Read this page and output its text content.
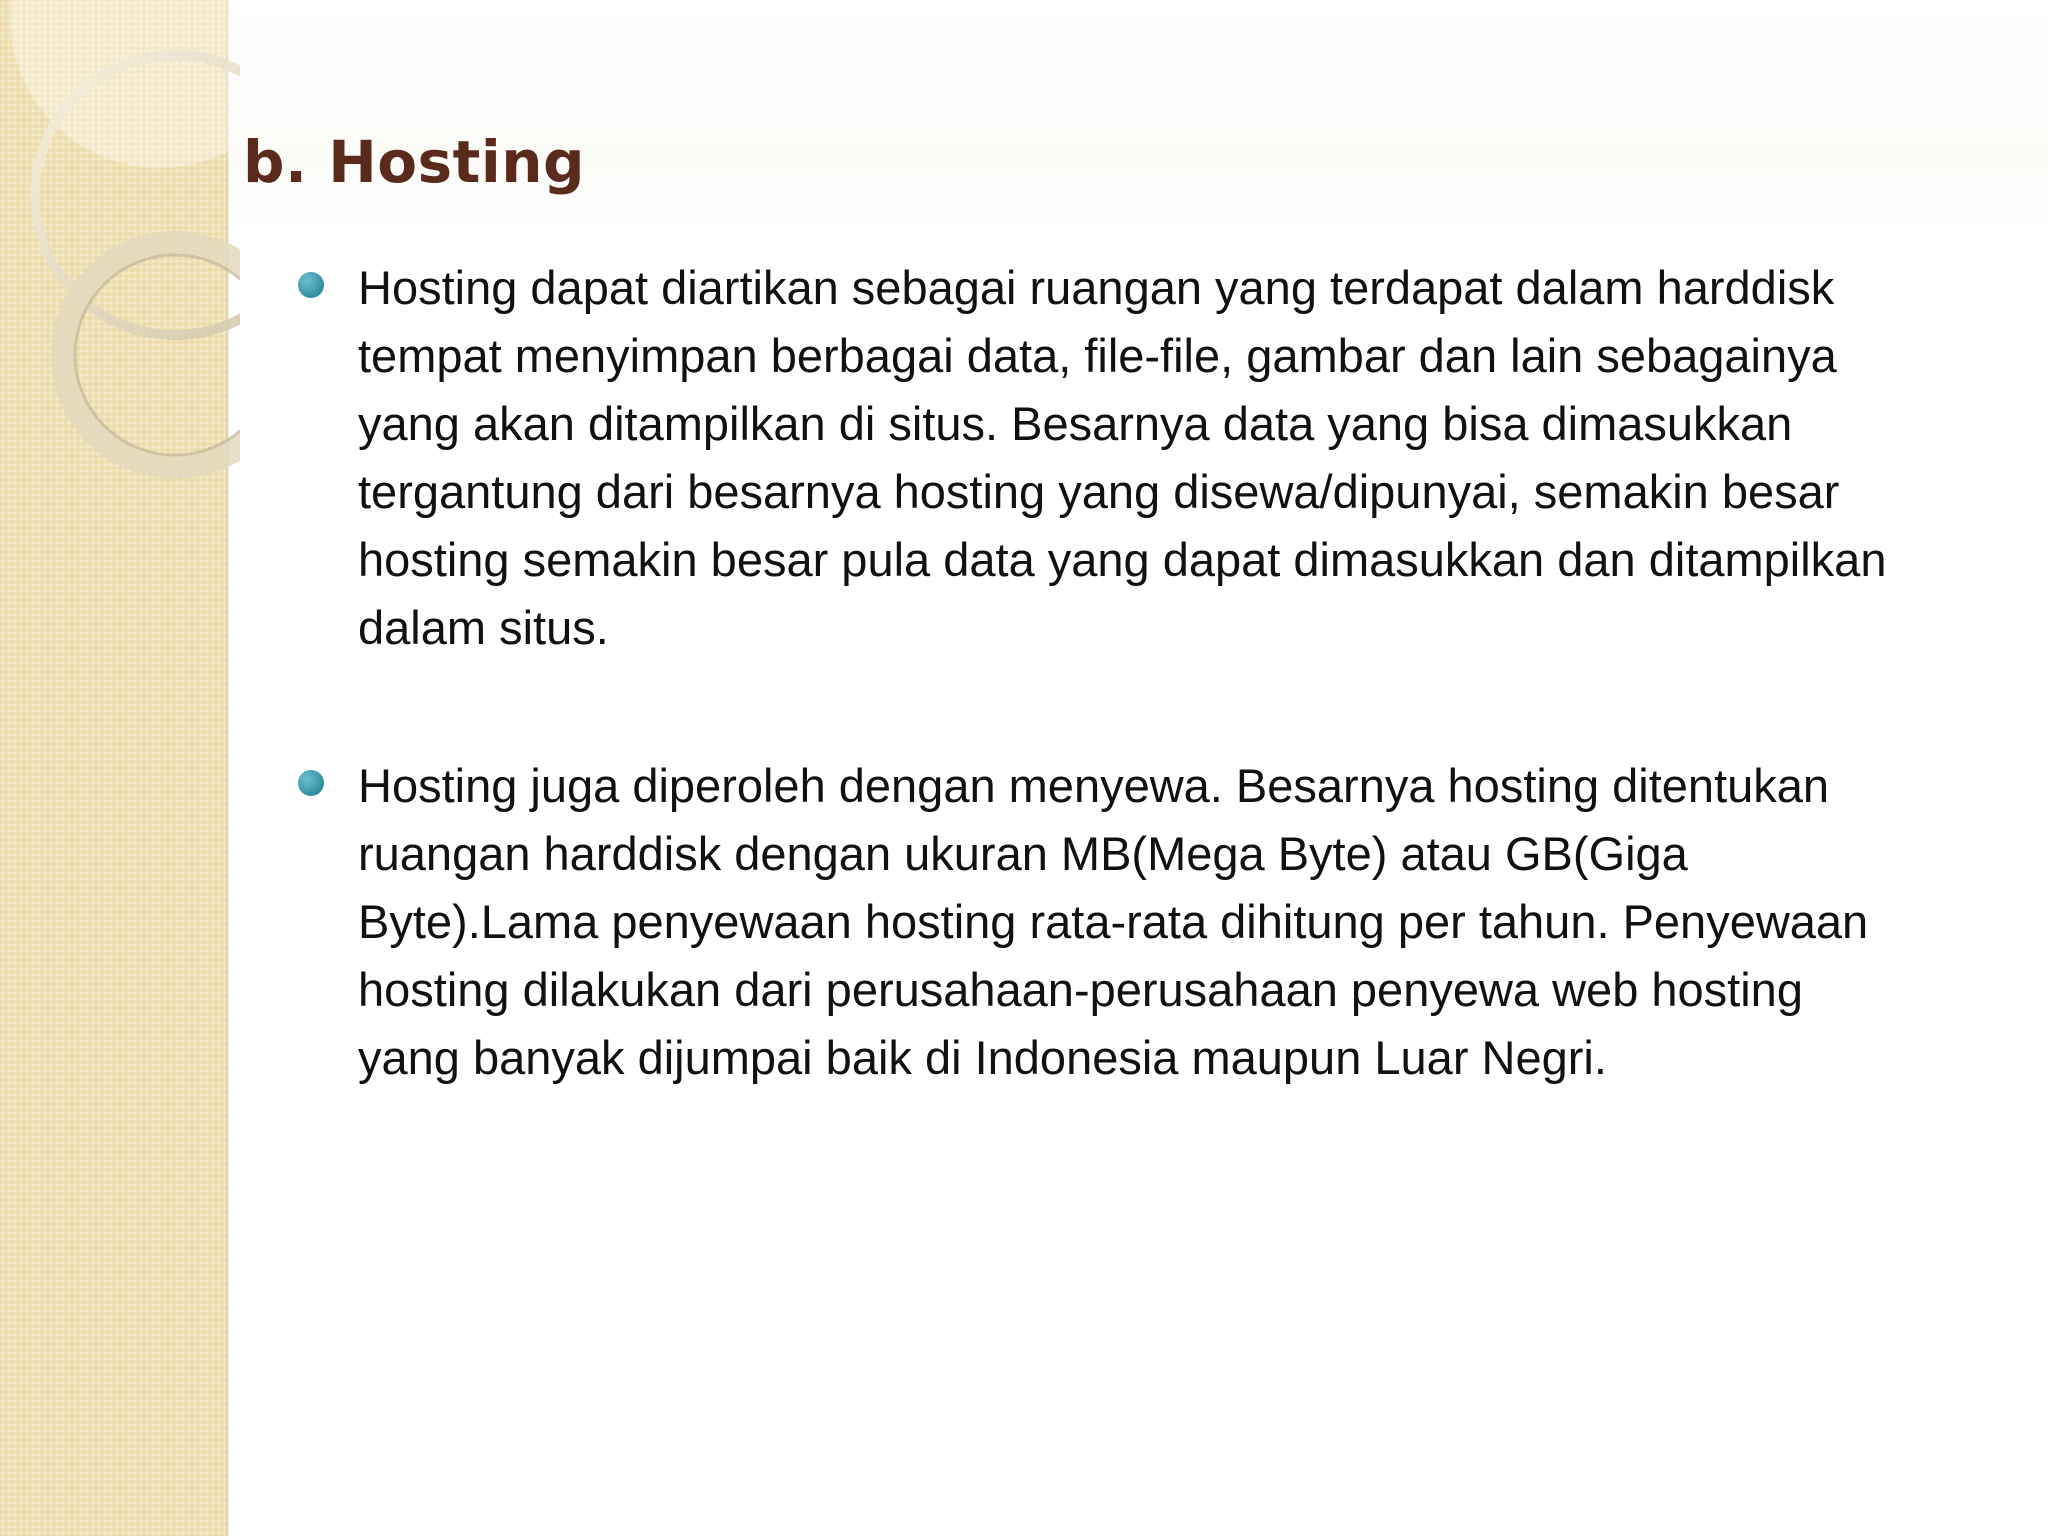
b. Hosting
Hosting dapat diartikan sebagai ruangan yang terdapat dalam harddisk tempat menyimpan berbagai data, file-file, gambar dan lain sebagainya yang akan ditampilkan di situs. Besarnya data yang bisa dimasukkan tergantung dari besarnya hosting yang disewa/dipunyai, semakin besar hosting semakin besar pula data yang dapat dimasukkan dan ditampilkan dalam situs.
Hosting juga diperoleh dengan menyewa. Besarnya hosting ditentukan ruangan harddisk dengan ukuran MB(Mega Byte) atau GB(Giga Byte).Lama penyewaan hosting rata-rata dihitung per tahun. Penyewaan hosting dilakukan dari perusahaan-perusahaan penyewa web hosting yang banyak dijumpai baik di Indonesia maupun Luar Negri.
